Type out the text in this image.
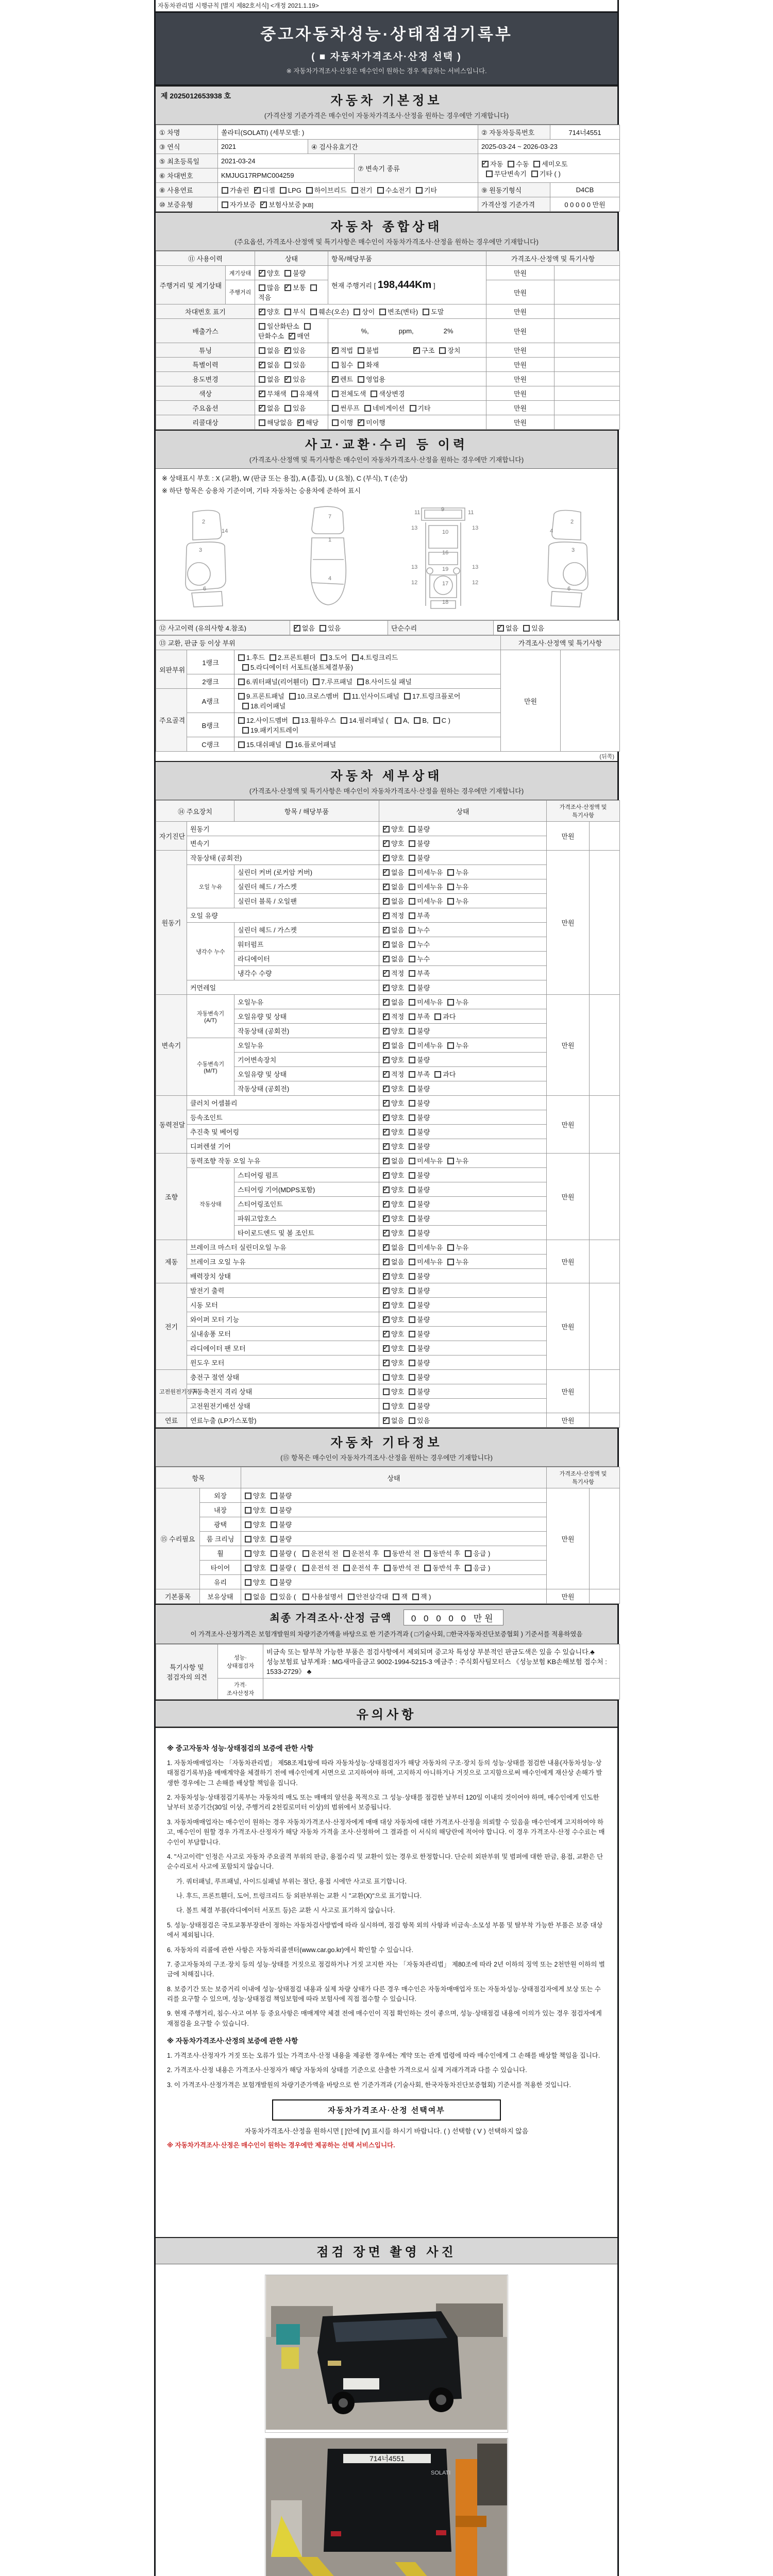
자동차관리법 시행규칙 [별지 제82호서식] <개정 2021.1.19>
중고자동차성능·상태점검기록부
( ■ 자동차가격조사·산정 선택 )
※ 자동차가격조사·산정은 매수인이 원하는 경우 제공하는 서비스입니다.
제 2025012653938 호	자동차 기본정보
(가격산정 기준가격은 매수인이 자동차가격조사·산정을 원하는 경우에만 기재합니다)
① 차명	쏠라티(SOLATI) (세부모델: )			② 자동차등록번호	714너4551
③ 연식	2021	④ 검사유효기간		2025-03-24 ~ 2026-03-23	
⑤ 최초등록일	2021-03-24		⑦ 변속기 종류	✓자동 수동 세미오토
무단변속기 기타 ( )
⑥ 차대번호	KMJUG17RPMC004259				
⑧ 사용연료	가솔린 ✓ 디젤 LPG 하이브리드 전기 수소전기 기타			⑨ 원동기형식	D4CB
⑩ 보증유형	자가보증 ✓ 보험사보증 [KB]			가격산정 기준가격	0 0 0 0 0 만원
자동차 종합상태
(주요옵션, 가격조사·산정액 및 특기사항은 매수인이 자동차가격조사·산정을 원하는 경우에만 기재합니다)
⑪ 사용이력		상태	항목/해당부품	가격조사·산정액 및 특기사항	
주행거리 및 계기상태	계기상태	✓양호 불량	현재 주행거리 [ 198,444Km ]	만원	
	주행거리	많음 ✓ 보통적음		만원	
차대번호 표기	✓양호 부식 훼손(오손) 상이 변조(변타) 도말		만원	
배출가스		일산화탄소탄화수소 ✓ 매연	%, ppm, 2%	만원	
튜닝		없음 ✓ 있음	✓적법 불법 ✓ 구조 장치	만원	
특별이력	✓없음 있음	침수 화재	만원	
용도변경		없음 ✓ 있음	✓렌트 영업용	만원	
색상	✓무채색 유채색	전체도색 색상변경	만원	
주요옵션	✓없음 있음	썬루프 네비게이션 기타	만원	
리콜대상		해당없음 ✓ 해당	이행 ✓ 미이행	만원	
사고·교환·수리 등 이력
(가격조사·산정액 및 특기사항은 매수인이 자동차가격조사·산정을 원하는 경우에만 기재합니다)
※ 상태표시 부호 : X (교환), W (판금 또는 용접), A (흠집), U (요철), C (부식), T (손상)
※ 하단 항목은 승용차 기준이며, 기타 자동차는 승용차에 준하여 표시
2
14
3
6
1
7
4
11	9	11
13	13
10
16
13	13
19
12	17	12
18
2
4
3
6
⑫ 사고이력 (유의사항 4.참조)	✓없음 있음	단순수리	✓없음 있음
⑬ 교환, 판금 등 이상 부위			가격조사·산정액 및 특기사항	
외판부위	1랭크	1.후드 2.프론트휀더 3.도어 4.트렁크리드
5.라디에이터 서포트(볼트체결부품)	만원	
	2랭크	6.쿼터패널(리어휀더) 7.루프패널 8.사이드실 패널		
주요골격	A랭크	9.프론트패널 10.크로스멤버 11.인사이드패널 17.트렁크플로어
18.리어패널		
	B랭크	12.사이드멤버 13.휠하우스 14.필러패널 ( A, B, C )
19.패키지트레이		
	C랭크	15.대쉬패널 16.플로어패널		
(뒤쪽)
자동차 세부상태
(가격조사·산정액 및 특기사항은 매수인이 자동차가격조사·산정을 원하는 경우에만 기재합니다)
⑭ 주요장치		항목 / 해당부품	상태	가격조사·산정액 및 특기사항	
자기진단	원동기	✓양호 불량	만원	
	변속기	✓양호 불량
원동기	작동상태 (공회전)	✓양호 불량	만원	
	오일 누유	실린더 커버 (로커암 커버)	✓없음 미세누유 누유
		실린더 헤드 / 가스켓	✓없음 미세누유 누유
		실린더 블록 / 오일팬	✓없음 미세누유 누유
	오일 유량	✓적정 부족
	냉각수 누수	실린더 헤드 / 가스켓	✓없음 누수
		워터펌프	✓없음 누수
		라디에이터	✓없음 누수
		냉각수 수량	✓적정 부족
	커먼레일	✓양호 불량
변속기	자동변속기 (A/T)	오일누유	✓없음 미세누유 누유	만원	
		오일유량 및 상태	✓적정 부족 과다
		작동상태 (공회전)	✓양호 불량
	수동변속기 (M/T)	오일누유	✓없음 미세누유 누유
		기어변속장치	✓양호 불량
		오일유량 및 상태	✓적정 부족 과다
		작동상태 (공회전)	✓양호 불량
동력전달	클러치 어셈블리	✓양호 불량	만원	
	등속조인트	✓양호 불량
	추진축 및 베어링	✓양호 불량
	디퍼렌셜 기어	✓양호 불량
조향	동력조향 작동 오일 누유	✓없음 미세누유 누유	만원	
	작동상태	스티어링 펌프	✓양호 불량
		스티어링 기어(MDPS포함)	✓양호 불량
		스티어링조인트	✓양호 불량
		파워고압호스	✓양호 불량
		타이로드엔드 및 볼 조인트	✓양호 불량
제동	브레이크 마스터 실린더오일 누유	✓없음 미세누유 누유	만원	
	브레이크 오일 누유	✓없음 미세누유 누유
	배력장치 상태	✓양호 불량
전기	발전기 출력	✓양호 불량	만원	
	시동 모터	✓양호 불량
	와이퍼 모터 기능	✓양호 불량
	실내송풍 모터	✓양호 불량
	라디에이터 팬 모터	✓양호 불량
	윈도우 모터	✓양호 불량
고전원전기장치	충전구 절연 상태		양호 불량	만원	
	구동축전지 격리 상태		양호 불량		
	고전원전기배선 상태		양호 불량		
연료	연료누출 (LP가스포함)	✓없음 있음	만원	
자동차 기타정보
(⑮ 항목은 매수인이 자동차가격조사·산정을 원하는 경우에만 기재합니다)
항목		상태	가격조사·산정액 및 특기사항	
⑮ 수리필요	외장	양호 불량	만원	
	내장	양호 불량		
	광택	양호 불량		
	룸 크리닝	양호 불량		
	휠	양호 불량 ( 운전석 전 운전석 후 동반석 전 동반석 후 응급 )		
	타이어	양호 불량 ( 운전석 전 운전석 후 동반석 전 동반석 후 응급 )		
	유리	양호 불량		
기본품목	보유상태	없음 있음 ( 사용설명서 안전삼각대 잭 잭 )	만원	
최종 가격조사·산정 금액 0 0 0 0 0 만원
이 가격조사·산정가격은 보험개발원의 차량기준가액을 바탕으로 한 기준가격과 ( □기술사회, □한국자동차진단보증협회 ) 기준서를 적용하였음
특기사항 및 점검자의 의견	성능·상태점검자	비금속 또는 탈부착 가능한 부품은 점검사항에서 제외되며 중고차 특성상 부분적인 판금도색은 있을 수 있습니다.♣ 성능보험료 납부계좌 : MG새마을금고 9002-1994-5215-3 예금주 : 주식회사팀모터스 《성능보험 KB손해보험 접수처 : 1533-2729》 ♣
	가격·조사산정자	
유의사항

※ 중고자동차 성능·상태점검의 보증에 관한 사항

1. 자동차매매업자는 「자동차관리법」 제58조제1항에 따라 자동차성능·상태점검자가 해당 자동차의 구조·장치 등의 성능·상태를 점검한 내용(자동차성능·상태점검기록부)을 매매계약을 체결하기 전에 매수인에게 서면으로 고지하여야 하며, 고지하지 아니하거나 거짓으로 고지함으로써 매수인에게 재산상 손해가 발생한 경우에는 그 손해를 배상할 책임을 집니다.

2. 자동차성능·상태점검기록부는 자동차의 매도 또는 매매의 알선을 목적으로 그 성능·상태를 점검한 날부터 120일 이내의 것이어야 하며, 매수인에게 인도한 날부터 보증기간(30일 이상, 주행거리 2천킬로미터 이상)의 범위에서 보증됩니다.

3. 자동차매매업자는 매수인이 원하는 경우 자동차가격조사·산정자에게 매매 대상 자동차에 대한 가격조사·산정을 의뢰할 수 있음을 매수인에게 고지하여야 하고, 매수인이 원할 경우 가격조사·산정자가 해당 자동차 가격을 조사·산정하여 그 결과를 이 서식의 해당란에 적어야 합니다. 이 경우 가격조사·산정 수수료는 매수인이 부담합니다.

4. "사고이력" 인정은 사고로 자동차 주요골격 부위의 판금, 용접수리 및 교환이 있는 경우로 한정합니다. 단순히 외판부위 및 범퍼에 대한 판금, 용접, 교환은 단순수리로서 사고에 포함되지 않습니다.

가. 쿼터패널, 루프패널, 사이드실패널 부위는 절단, 용접 시에만 사고로 표기합니다.

나. 후드, 프론트휀더, 도어, 트렁크리드 등 외판부위는 교환 시 "교환(X)"으로 표기합니다.

다. 볼트 체결 부품(라디에이터 서포트 등)은 교환 시 사고로 표기하지 않습니다.

5. 성능·상태점검은 국토교통부장관이 정하는 자동차검사방법에 따라 실시하며, 점검 항목 외의 사항과 비금속·소모성 부품 및 탈부착 가능한 부품은 보증 대상에서 제외됩니다.

6. 자동차의 리콜에 관한 사항은 자동차리콜센터(www.car.go.kr)에서 확인할 수 있습니다.

7. 중고자동차의 구조·장치 등의 성능·상태를 거짓으로 점검하거나 거짓 고지한 자는 「자동차관리법」 제80조에 따라 2년 이하의 징역 또는 2천만원 이하의 벌금에 처해집니다.

8. 보증기간 또는 보증거리 이내에 성능·상태점검 내용과 실제 차량 상태가 다른 경우 매수인은 자동차매매업자 또는 자동차성능·상태점검자에게 보상 또는 수리를 요구할 수 있으며, 성능·상태점검 책임보험에 따라 보험사에 직접 접수할 수 있습니다.

9. 현재 주행거리, 침수·사고 여부 등 중요사항은 매매계약 체결 전에 매수인이 직접 확인하는 것이 좋으며, 성능·상태점검 내용에 이의가 있는 경우 점검자에게 재점검을 요구할 수 있습니다.

※ 자동차가격조사·산정의 보증에 관한 사항

1. 가격조사·산정자가 거짓 또는 오류가 있는 가격조사·산정 내용을 제공한 경우에는 계약 또는 관계 법령에 따라 매수인에게 그 손해를 배상할 책임을 집니다.

2. 가격조사·산정 내용은 가격조사·산정자가 해당 자동차의 상태를 기준으로 산출한 가격으로서 실제 거래가격과 다를 수 있습니다.

3. 이 가격조사·산정가격은 보험개발원의 차량기준가액을 바탕으로 한 기준가격과 (기술사회, 한국자동차진단보증협회) 기준서를 적용한 것입니다.

자동차가격조사·산정 선택여부
자동차가격조사·산정을 원하시면 [ ]안에 [V] 표시를 하시기 바랍니다. ( ) 선택함 ( V ) 선택하지 않음

※ 자동차가격조사·산정은 매수인이 원하는 경우에만 제공하는 선택 서비스입니다.

점검 장면 촬영 사진
714너4551
SOLATI
